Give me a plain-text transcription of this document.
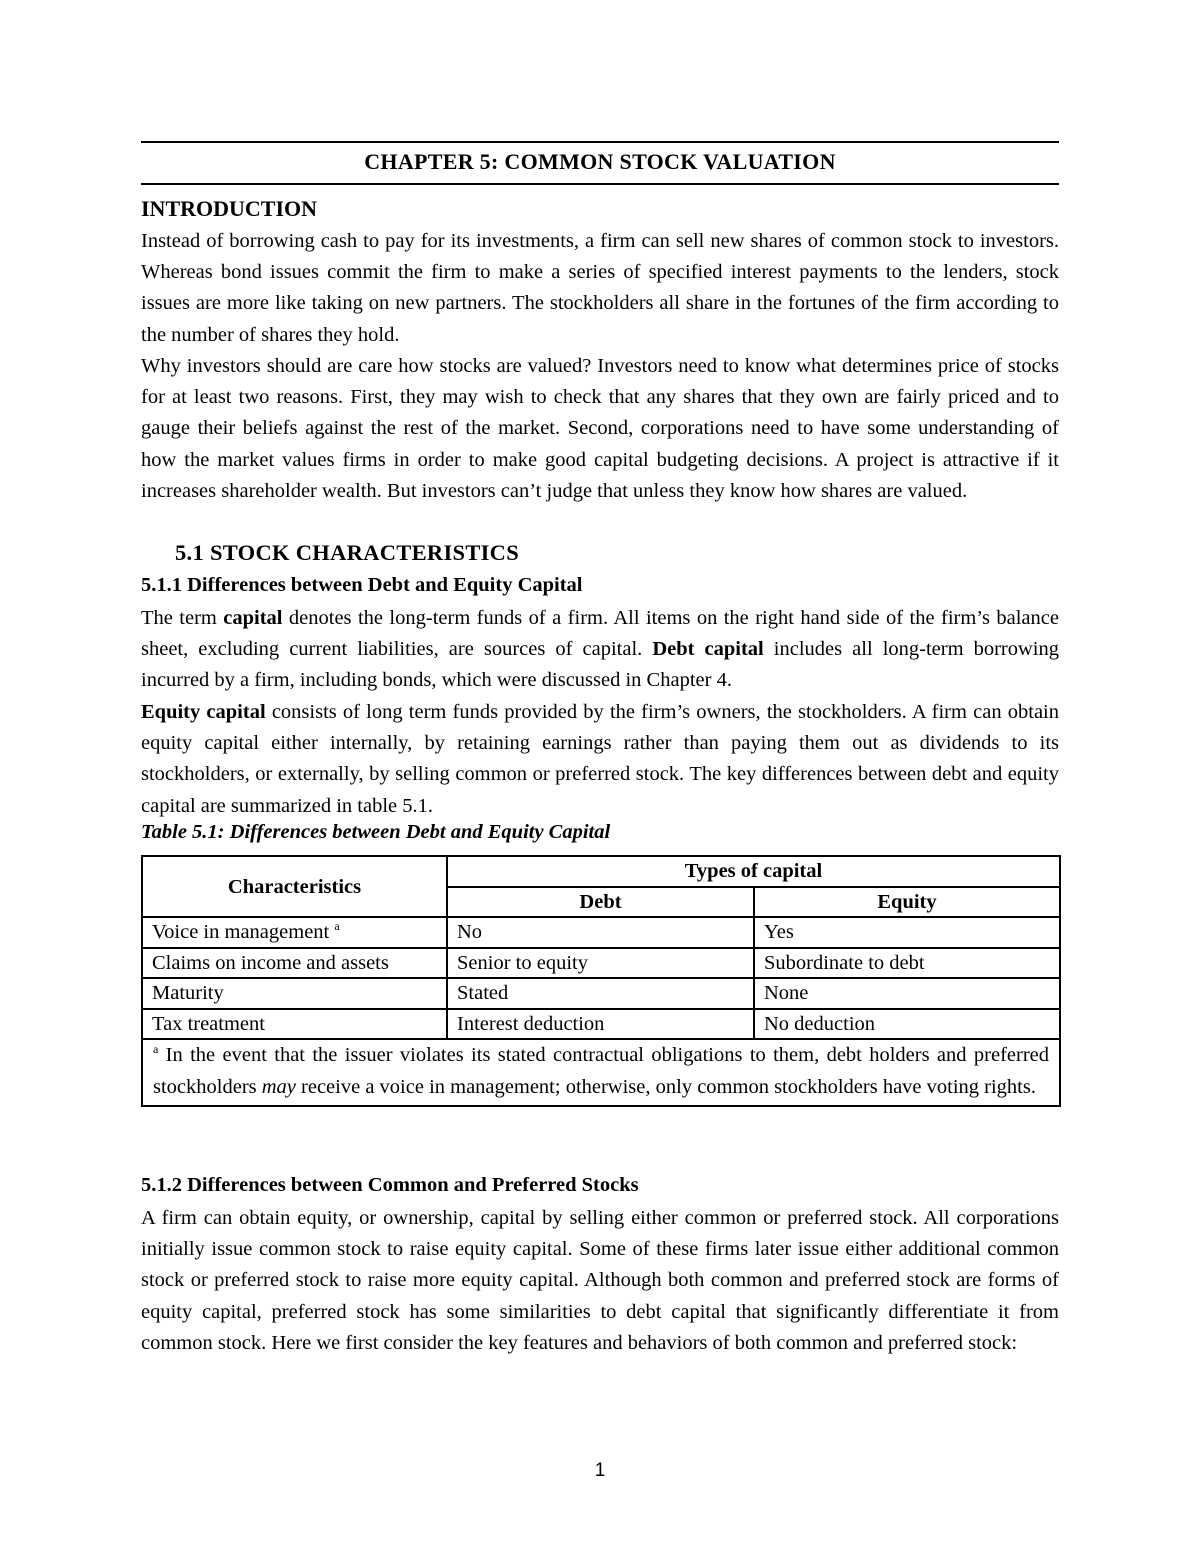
CHAPTER 5: COMMON STOCK VALUATION
INTRODUCTION
Instead of borrowing cash to pay for its investments, a firm can sell new shares of common stock to investors. Whereas bond issues commit the firm to make a series of specified interest payments to the lenders, stock issues are more like taking on new partners. The stockholders all share in the fortunes of the firm according to the number of shares they hold.
Why investors should are care how stocks are valued? Investors need to know what determines price of stocks for at least two reasons. First, they may wish to check that any shares that they own are fairly priced and to gauge their beliefs against the rest of the market. Second, corporations need to have some understanding of how the market values firms in order to make good capital budgeting decisions. A project is attractive if it increases shareholder wealth. But investors can’t judge that unless they know how shares are valued.
5.1 STOCK CHARACTERISTICS
5.1.1 Differences between Debt and Equity Capital
The term capital denotes the long-term funds of a firm. All items on the right hand side of the firm’s balance sheet, excluding current liabilities, are sources of capital. Debt capital includes all long-term borrowing incurred by a firm, including bonds, which were discussed in Chapter 4.
Equity capital consists of long term funds provided by the firm’s owners, the stockholders. A firm can obtain equity capital either internally, by retaining earnings rather than paying them out as dividends to its stockholders, or externally, by selling common or preferred stock. The key differences between debt and equity capital are summarized in table 5.1.
Table 5.1: Differences between Debt and Equity Capital
Characteristics	Types of capital	
	Debt	Equity
Voice in management $^a$	No	Yes
Claims on income and assets	Senior to equity	Subordinate to debt
Maturity	Stated	None
Tax treatment	Interest deduction	No deduction
$^a$ In the event that the issuer violates its stated contractual obligations to them, debt holders and preferred stockholders may receive a voice in management; otherwise, only common stockholders have voting rights.		
5.1.2 Differences between Common and Preferred Stocks
A firm can obtain equity, or ownership, capital by selling either common or preferred stock. All corporations initially issue common stock to raise equity capital. Some of these firms later issue either additional common stock or preferred stock to raise more equity capital. Although both common and preferred stock are forms of equity capital, preferred stock has some similarities to debt capital that significantly differentiate it from common stock. Here we first consider the key features and behaviors of both common and preferred stock:
1
